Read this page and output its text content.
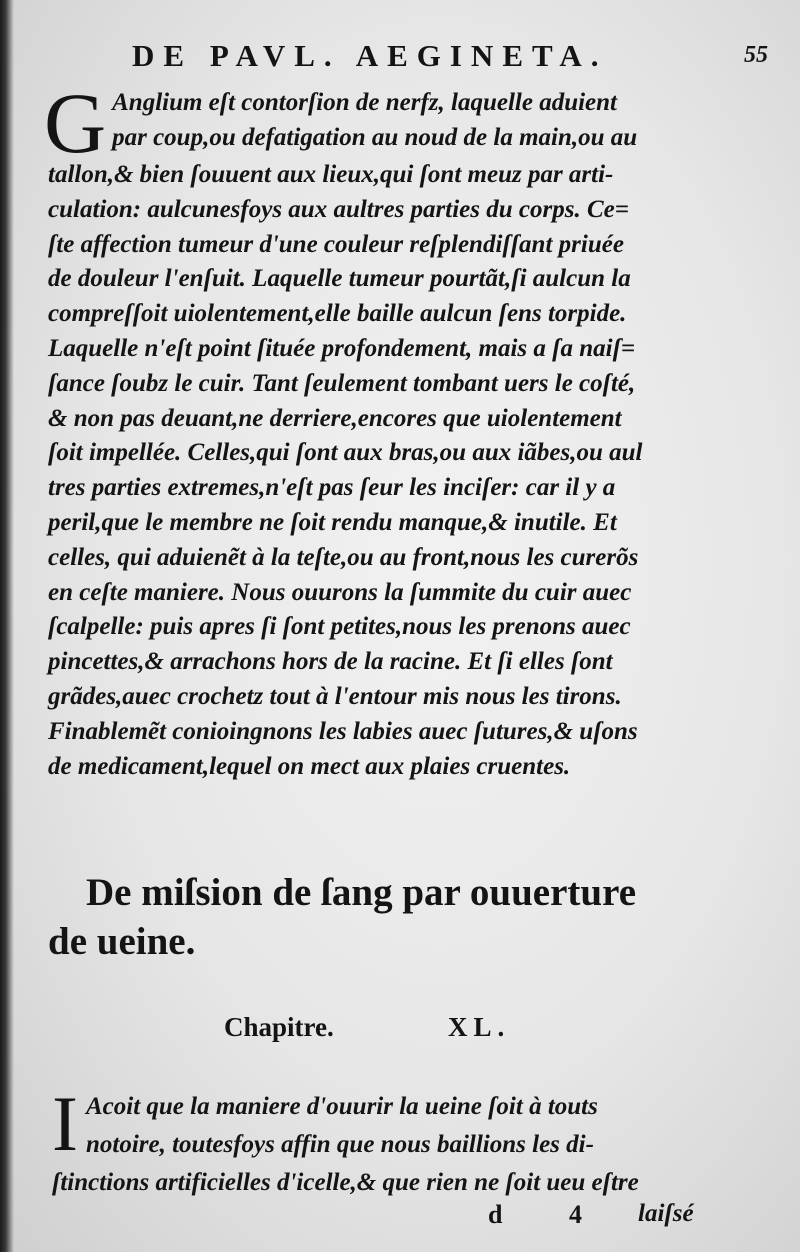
DE PAVL. AEGINETA.	55
G Anglium eſt contorſion de nerfz, laquelle aduient
par coup,ou defatigation au noud de la main,ou au
tallon,& bien ſouuent aux lieux,qui ſont meuz par arti-
culation: aulcunesfoys aux aultres parties du corps. Ce=
ſte affection tumeur d'une couleur reſplendiſſant priuée
de douleur l'enſuit. Laquelle tumeur pourtãt,ſi aulcun la
compreſſoit uiolentement,elle baille aulcun ſens torpide.
Laquelle n'eſt point ſituée profondement, mais a ſa naiſ=
ſance ſoubz le cuir. Tant ſeulement tombant uers le coſté,
& non pas deuant,ne derriere,encores que uiolentement
ſoit impellée. Celles,qui ſont aux bras,ou aux iãbes,ou aul
tres parties extremes,n'eſt pas ſeur les inciſer: car il y a
peril,que le membre ne ſoit rendu manque,& inutile. Et
celles, qui aduienẽt à la teſte,ou au front,nous les curerõs
en ceſte maniere. Nous ouurons la ſummite du cuir auec
ſcalpelle: puis apres ſi ſont petites,nous les prenons auec
pincettes,& arrachons hors de la racine. Et ſi elles ſont
grãdes,auec crochetz tout à l'entour mis nous les tirons.
Finablemẽt conioingnons les labies auec ſutures,& uſons
de medicament,lequel on mect aux plaies cruentes.
De miſsion de ſang par ouuerture
de ueine.
Chapitre.	XL.
I Acoit que la maniere d'ouurir la ueine ſoit à touts
notoire, toutesfoys affin que nous baillions les di-
ſtinctions artificielles d'icelle,& que rien ne ſoit ueu eſtre
d 4 laiſsé
